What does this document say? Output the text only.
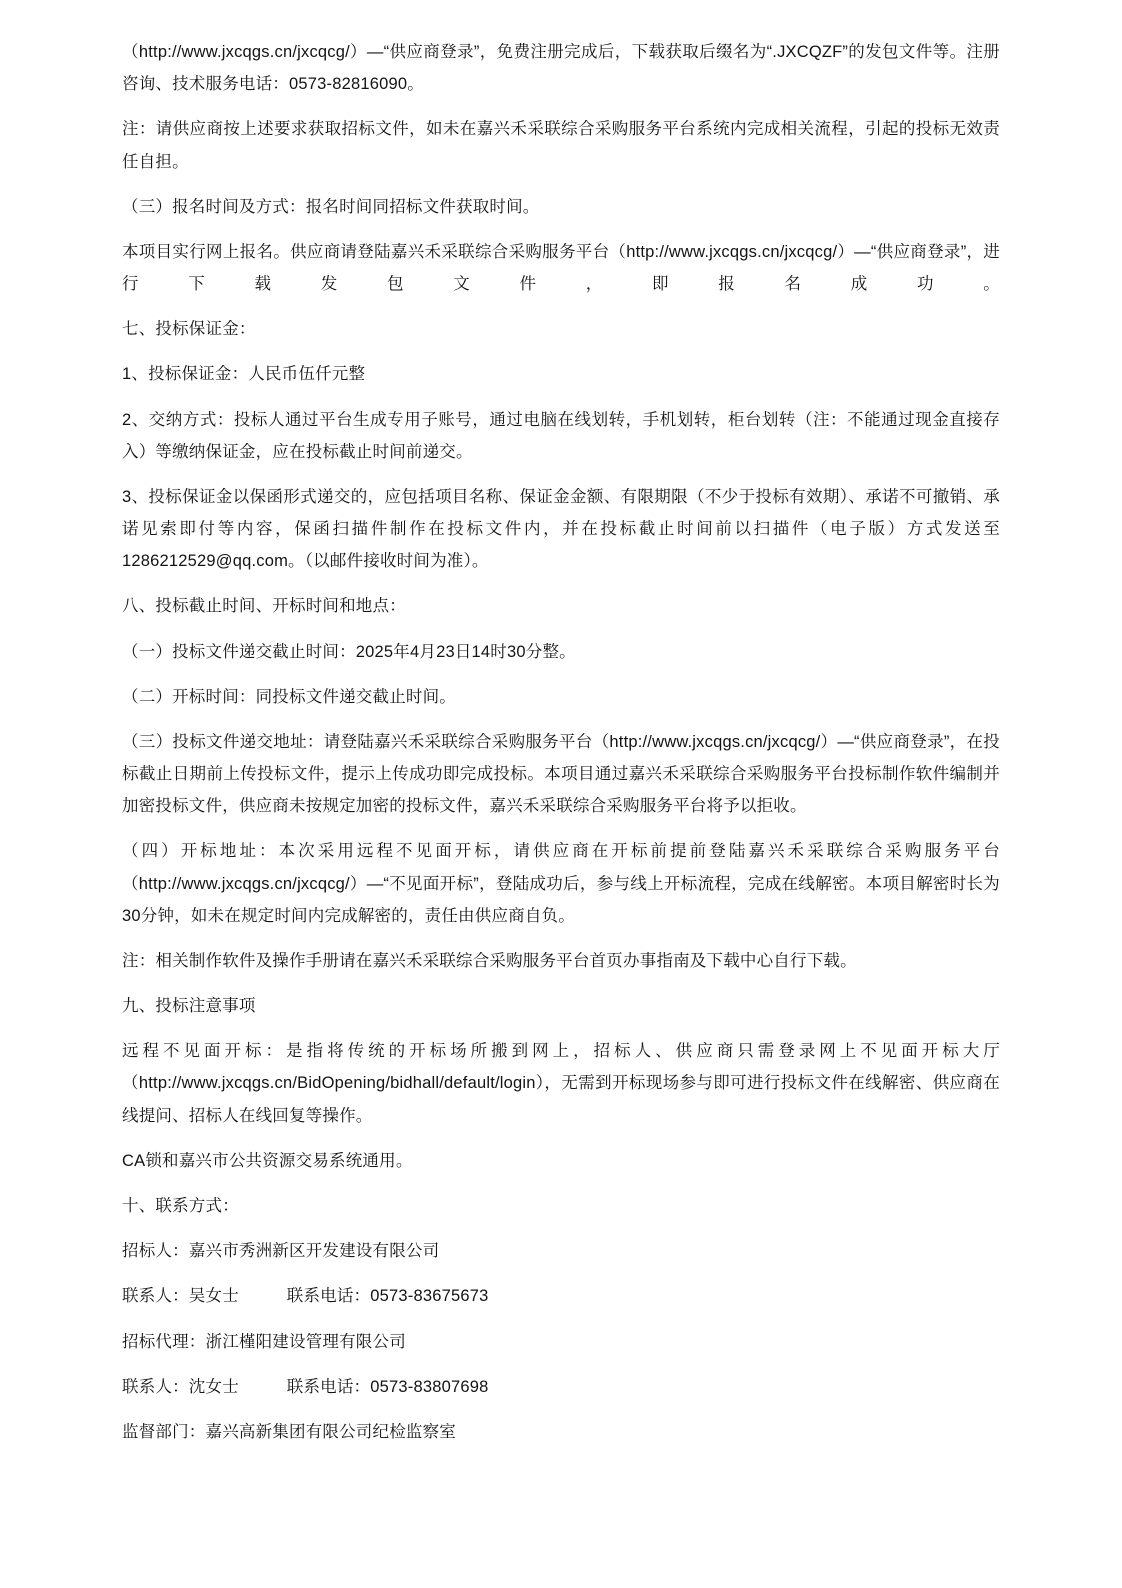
（http://www.jxcqgs.cn/jxcqcg/）—“供应商登录”，免费注册完成后，下载获取后缀名为“.JXCQZF”的发包文件等。注册咨询、技术服务电话：0573-82816090。

注：请供应商按上述要求获取招标文件，如未在嘉兴禾采联综合采购服务平台系统内完成相关流程，引起的投标无效责任自担。

（三）报名时间及方式：报名时间同招标文件获取时间。

本项目实行网上报名。供应商请登陆嘉兴禾采联综合采购服务平台（http://www.jxcqgs.cn/jxcqcg/）—“供应商登录”，进行下载发包文件，即报名成功。

七、投标保证金：

1、投标保证金：人民币伍仟元整

2、交纳方式：投标人通过平台生成专用子账号，通过电脑在线划转，手机划转，柜台划转（注：不能通过现金直接存入）等缴纳保证金，应在投标截止时间前递交。

3、投标保证金以保函形式递交的，应包括项目名称、保证金金额、有限期限（不少于投标有效期）、承诺不可撤销、承诺见索即付等内容，保函扫描件制作在投标文件内，并在投标截止时间前以扫描件（电子版）方式发送至 1286212529@qq.com。（以邮件接收时间为准）。

八、投标截止时间、开标时间和地点：

（一）投标文件递交截止时间：2025年4月23日14时30分整。

（二）开标时间：同投标文件递交截止时间。

（三）投标文件递交地址：请登陆嘉兴禾采联综合采购服务平台（http://www.jxcqgs.cn/jxcqcg/）—“供应商登录”，在投标截止日期前上传投标文件，提示上传成功即完成投标。本项目通过嘉兴禾采联综合采购服务平台投标制作软件编制并加密投标文件，供应商未按规定加密的投标文件，嘉兴禾采联综合采购服务平台将予以拒收。

（四）开标地址：本次采用远程不见面开标，请供应商在开标前提前登陆嘉兴禾采联综合采购服务平台（http://www.jxcqgs.cn/jxcqcg/）—“不见面开标”，登陆成功后，参与线上开标流程，完成在线解密。本项目解密时长为30分钟，如未在规定时间内完成解密的，责任由供应商自负。

注：相关制作软件及操作手册请在嘉兴禾采联综合采购服务平台首页办事指南及下载中心自行下载。

九、投标注意事项

远程不见面开标：是指将传统的开标场所搬到网上，招标人、供应商只需登录网上不见面开标大厅（http://www.jxcqgs.cn/BidOpening/bidhall/default/login），无需到开标现场参与即可进行投标文件在线解密、供应商在线提问、招标人在线回复等操作。

CA锁和嘉兴市公共资源交易系统通用。

十、联系方式：

招标人：嘉兴市秀洲新区开发建设有限公司

联系人：吴女士          联系电话：0573-83675673

招标代理：浙江槿阳建设管理有限公司

联系人：沈女士          联系电话：0573-83807698

监督部门：嘉兴高新集团有限公司纪检监察室
